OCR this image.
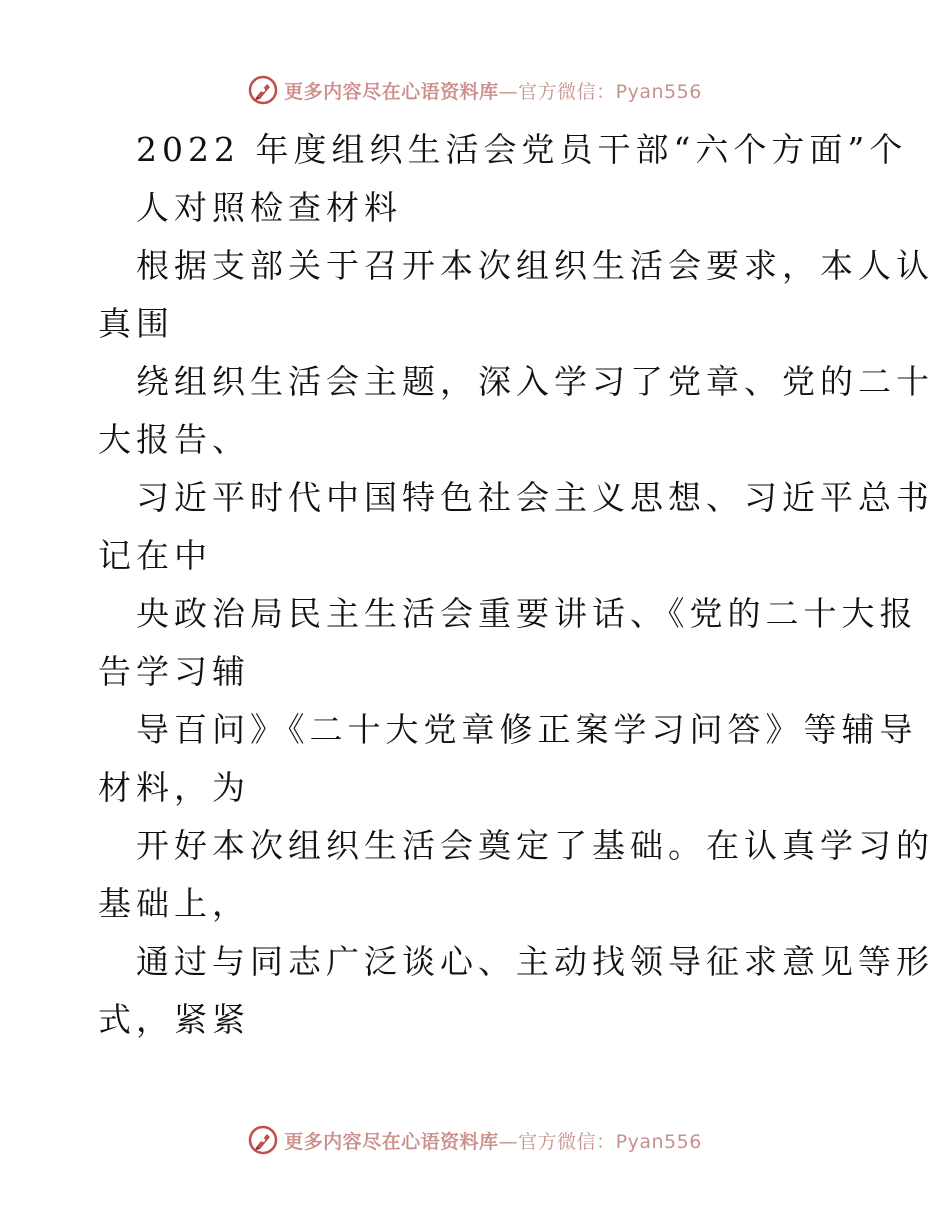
更多内容尽在心语资料库—官方微信：Pyan556
2022 年度组织生活会党员干部“六个方面”个
人对照检查材料
根据支部关于召开本次组织生活会要求，本人认
真围
绕组织生活会主题，深入学习了党章、党的二十
大报告、
习近平时代中国特色社会主义思想、习近平总书
记在中
央政治局民主生活会重要讲话、《党的二十大报
告学习辅
导百问》《二十大党章修正案学习问答》等辅导
材料，为
开好本次组织生活会奠定了基础。在认真学习的
基础上，
通过与同志广泛谈心、主动找领导征求意见等形
式，紧紧
更多内容尽在心语资料库—官方微信：Pyan556
